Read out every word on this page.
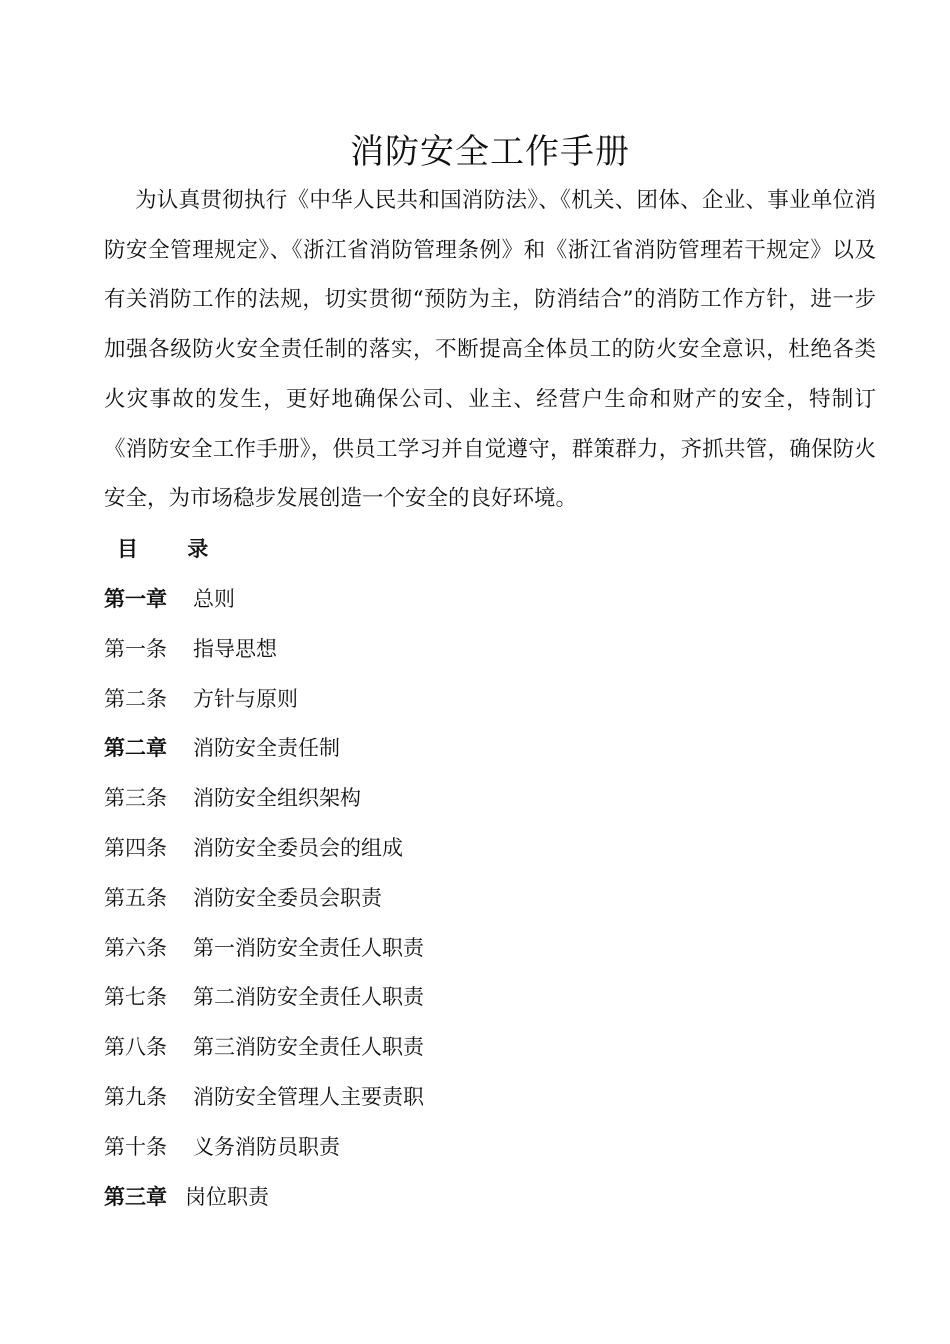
消防安全工作手册

为认真贯彻执行《中华人民共和国消防法》、《机关、团体、企业、事业单位消防安全管理规定》、《浙江省消防管理条例》和《浙江省消防管理若干规定》以及有关消防工作的法规，切实贯彻“预防为主，防消结合”的消防工作方针，进一步加强各级防火安全责任制的落实，不断提高全体员工的防火安全意识，杜绝各类火灾事故的发生，更好地确保公司、业主、经营户生命和财产的安全，特制订《消防安全工作手册》，供员工学习并自觉遵守，群策群力，齐抓共管，确保防火安全，为市场稳步发展创造一个安全的良好环境。

目 录
第一章 总则
第一条 指导思想
第二条 方针与原则
第二章 消防安全责任制
第三条 消防安全组织架构
第四条 消防安全委员会的组成
第五条 消防安全委员会职责
第六条 第一消防安全责任人职责
第七条 第二消防安全责任人职责
第八条 第三消防安全责任人职责
第九条 消防安全管理人主要责职
第十条 义务消防员职责
第三章 岗位职责
